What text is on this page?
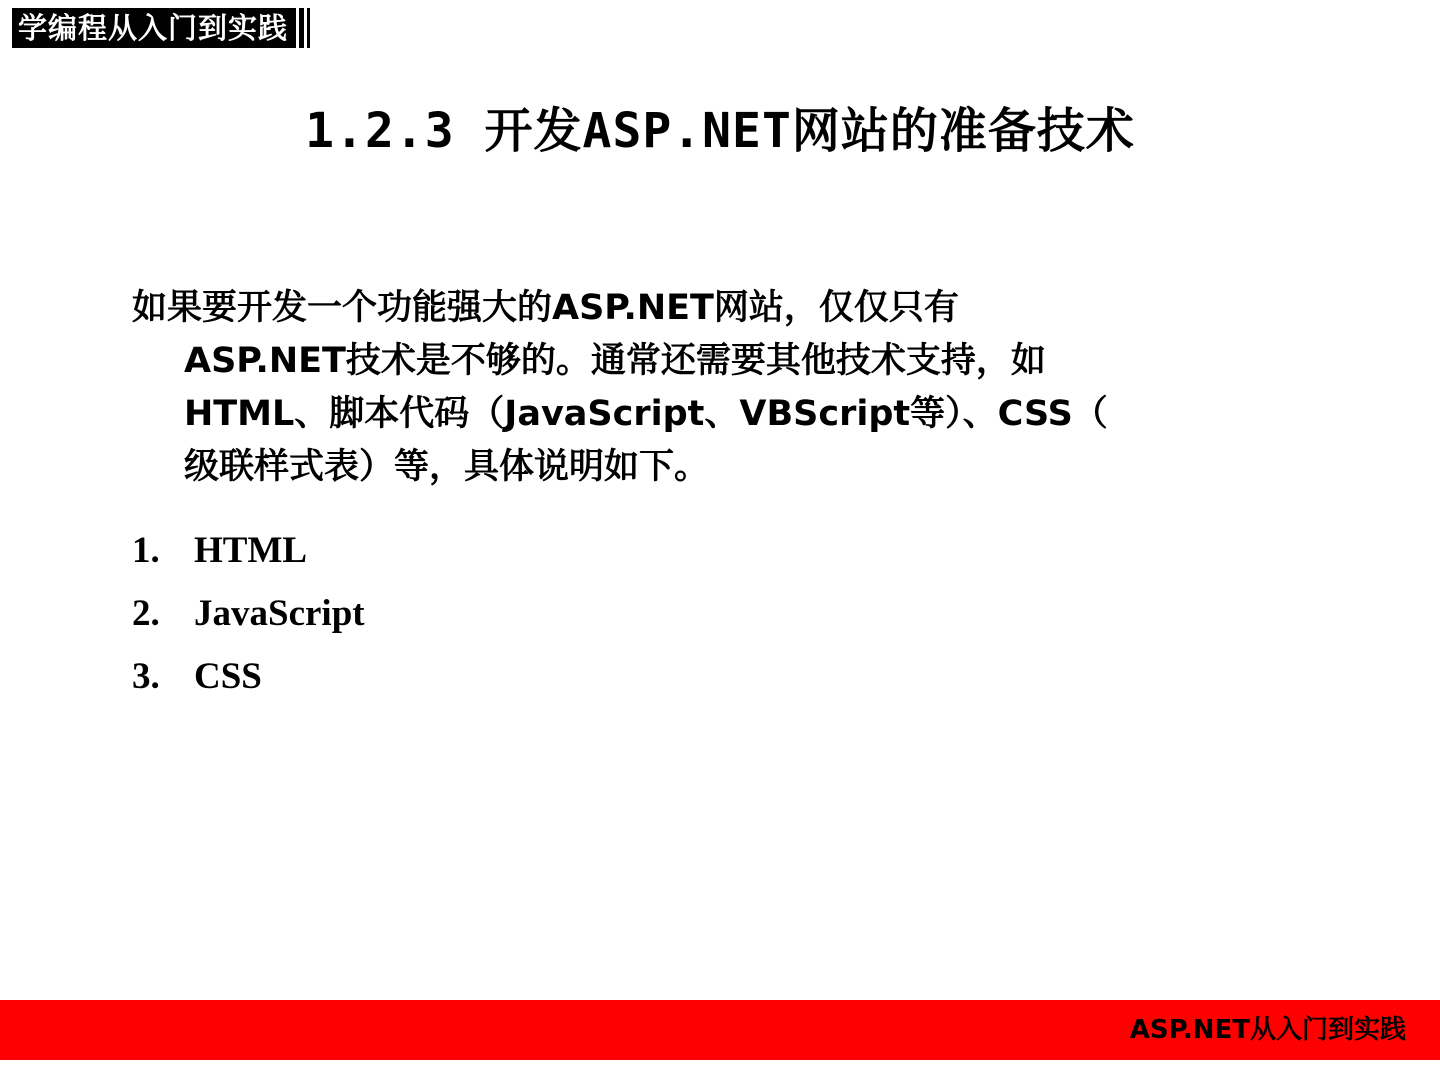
学编程从入门到实践
1.2.3 开发ASP.NET网站的准备技术
如果要开发一个功能强大的ASP.NET网站，仅仅只有
ASP.NET技术是不够的。通常还需要其他技术支持，如
HTML、脚本代码（JavaScript、VBScript等）、CSS（
级联样式表）等，具体说明如下。
1. HTML
2. JavaScript
3. CSS
ASP.NET从入门到实践
